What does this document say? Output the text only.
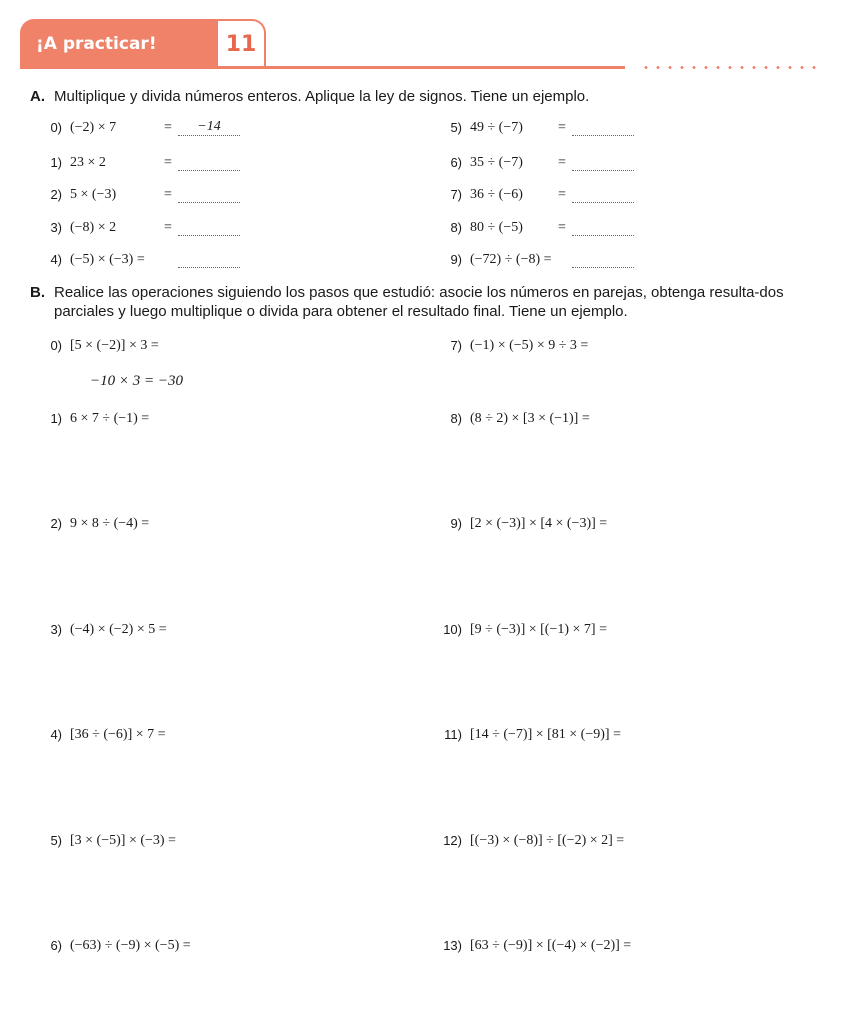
¡A practicar!	11
A. Multiplique y divida números enteros. Aplique la ley de signos. Tiene un ejemplo.
0) (−2) × 7	=	−14
1) 23 × 2	=
2) 5 × (−3)	=
3) (−8) × 2	=
4) (−5) × (−3) =
5) 49 ÷ (−7)	=
6) 35 ÷ (−7)	=
7) 36 ÷ (−6)	=
8) 80 ÷ (−5)	=
9) (−72) ÷ (−8) =
B. Realice las operaciones siguiendo los pasos que estudió: asocie los números en parejas, obtenga resulta-dos parciales y luego multiplique o divida para obtener el resultado final. Tiene un ejemplo.
0) [5 × (−2)] × 3 =
−10 × 3 = −30
1) 6 × 7 ÷ (−1) =
2) 9 × 8 ÷ (−4) =
3) (−4) × (−2) × 5 =
4) [36 ÷ (−6)] × 7 =
5) [3 × (−5)] × (−3) =
6) (−63) ÷ (−9) × (−5) =
7) (−1) × (−5) × 9 ÷ 3 =
8) (8 ÷ 2) × [3 × (−1)] =
9) [2 × (−3)] × [4 × (−3)] =
10) [9 ÷ (−3)] × [(−1) × 7] =
11) [14 ÷ (−7)] × [81 × (−9)] =
12) [(−3) × (−8)] ÷ [(−2) × 2] =
13) [63 ÷ (−9)] × [(−4) × (−2)] =
